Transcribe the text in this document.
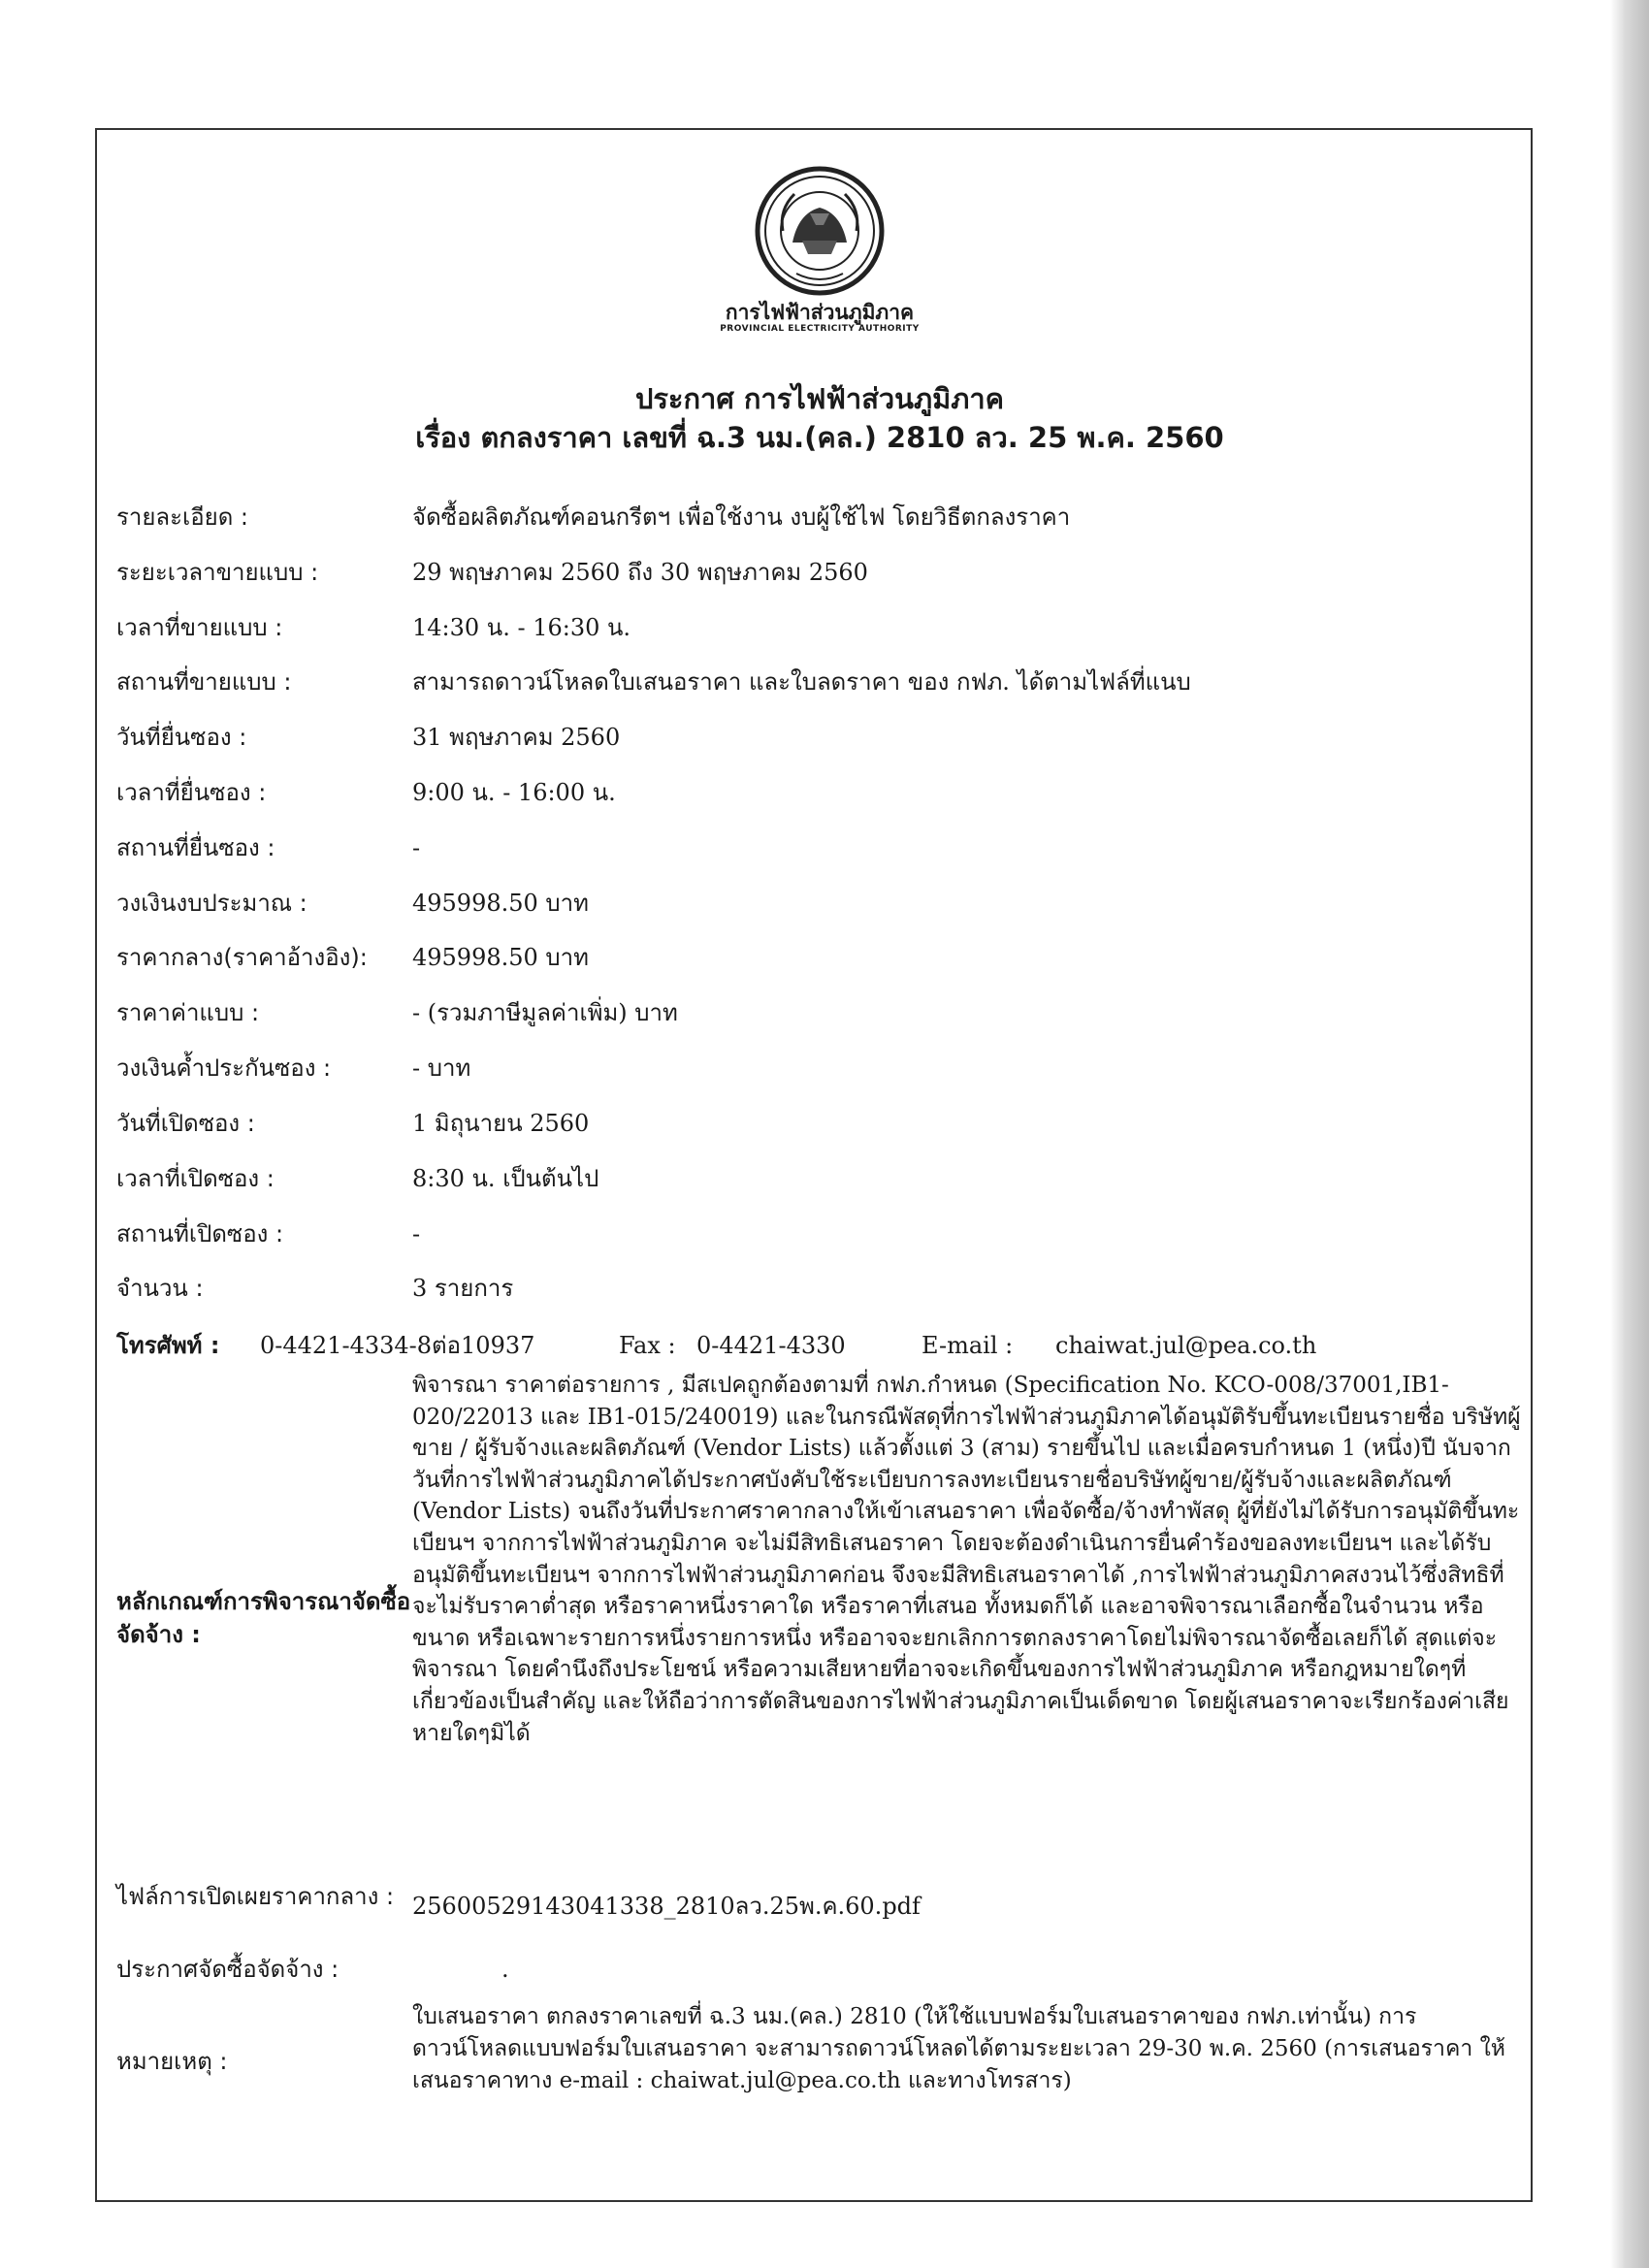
การไฟฟ้าส่วนภูมิภาค
PROVINCIAL ELECTRICITY AUTHORITY
ประกาศ การไฟฟ้าส่วนภูมิภาค
เรื่อง ตกลงราคา เลขที่ ฉ.3 นม.(คล.) 2810 ลว. 25 พ.ค. 2560
รายละเอียด :	จัดซื้อผลิตภัณฑ์คอนกรีตฯ เพื่อใช้งาน งบผู้ใช้ไฟ โดยวิธีตกลงราคา
ระยะเวลาขายแบบ :	29 พฤษภาคม 2560 ถึง 30 พฤษภาคม 2560
เวลาที่ขายแบบ :	14:30 น. - 16:30 น.
สถานที่ขายแบบ :	สามารถดาวน์โหลดใบเสนอราคา และใบลดราคา ของ กฟภ. ได้ตามไฟล์ที่แนบ
วันที่ยื่นซอง :	31 พฤษภาคม 2560
เวลาที่ยื่นซอง :	9:00 น. - 16:00 น.
สถานที่ยื่นซอง :	-
วงเงินงบประมาณ :	495998.50 บาท
ราคากลาง(ราคาอ้างอิง):	495998.50 บาท
ราคาค่าแบบ :	- (รวมภาษีมูลค่าเพิ่ม) บาท
วงเงินค้ำประกันซอง :	- บาท
วันที่เปิดซอง :	1 มิถุนายน 2560
เวลาที่เปิดซอง :	8:30 น. เป็นต้นไป
สถานที่เปิดซอง :	-
จำนวน :	3 รายการ
โทรศัพท์ : 0-4421-4334-8ต่อ10937	Fax : 0-4421-4330	E-mail : chaiwat.jul@pea.co.th
หลักเกณฑ์การพิจารณาจัดซื้อจัดจ้าง :
พิจารณา ราคาต่อรายการ , มีสเปคถูกต้องตามที่ กฟภ.กำหนด (Specification No. KCO-008/37001,IB1-020/22013 และ IB1-015/240019) และในกรณีพัสดุที่การไฟฟ้าส่วนภูมิภาคได้อนุมัติรับขึ้นทะเบียนรายชื่อ บริษัทผู้ขาย / ผู้รับจ้างและผลิตภัณฑ์ (Vendor Lists) แล้วตั้งแต่ 3 (สาม) รายขึ้นไป และเมื่อครบกำหนด 1 (หนึ่ง)ปี นับจากวันที่การไฟฟ้าส่วนภูมิภาคได้ประกาศบังคับใช้ระเบียบการลงทะเบียนรายชื่อบริษัทผู้ขาย/ผู้รับจ้างและผลิตภัณฑ์ (Vendor Lists) จนถึงวันที่ประกาศราคากลางให้เข้าเสนอราคา เพื่อจัดซื้อ/จ้างทำพัสดุ ผู้ที่ยังไม่ได้รับการอนุมัติขึ้นทะเบียนฯ จากการไฟฟ้าส่วนภูมิภาค จะไม่มีสิทธิเสนอราคา โดยจะต้องดำเนินการยื่นคำร้องขอลงทะเบียนฯ และได้รับอนุมัติขึ้นทะเบียนฯ จากการไฟฟ้าส่วนภูมิภาคก่อน จึงจะมีสิทธิเสนอราคาได้ ,การไฟฟ้าส่วนภูมิภาคสงวนไว้ซึ่งสิทธิที่จะไม่รับราคาต่ำสุด หรือราคาหนึ่งราคาใด หรือราคาที่เสนอ ทั้งหมดก็ได้ และอาจพิจารณาเลือกซื้อในจำนวน หรือขนาด หรือเฉพาะรายการหนึ่งรายการหนึ่ง หรืออาจจะยกเลิกการตกลงราคาโดยไม่พิจารณาจัดซื้อเลยก็ได้ สุดแต่จะพิจารณา โดยคำนึงถึงประโยชน์ หรือความเสียหายที่อาจจะเกิดขึ้นของการไฟฟ้าส่วนภูมิภาค หรือกฎหมายใดๆที่เกี่ยวข้องเป็นสำคัญ และให้ถือว่าการตัดสินของการไฟฟ้าส่วนภูมิภาคเป็นเด็ดขาด โดยผู้เสนอราคาจะเรียกร้องค่าเสียหายใดๆมิได้
ไฟล์การเปิดเผยราคากลาง : 25600529143041338_2810ลว.25พ.ค.60.pdf
ประกาศจัดซื้อจัดจ้าง :	.
หมายเหตุ :
ใบเสนอราคา ตกลงราคาเลขที่ ฉ.3 นม.(คล.) 2810 (ให้ใช้แบบฟอร์มใบเสนอราคาของ กฟภ.เท่านั้น) การดาวน์โหลดแบบฟอร์มใบเสนอราคา จะสามารถดาวน์โหลดได้ตามระยะเวลา 29-30 พ.ค. 2560 (การเสนอราคา ให้เสนอราคาทาง e-mail : chaiwat.jul@pea.co.th และทางโทรสาร)
